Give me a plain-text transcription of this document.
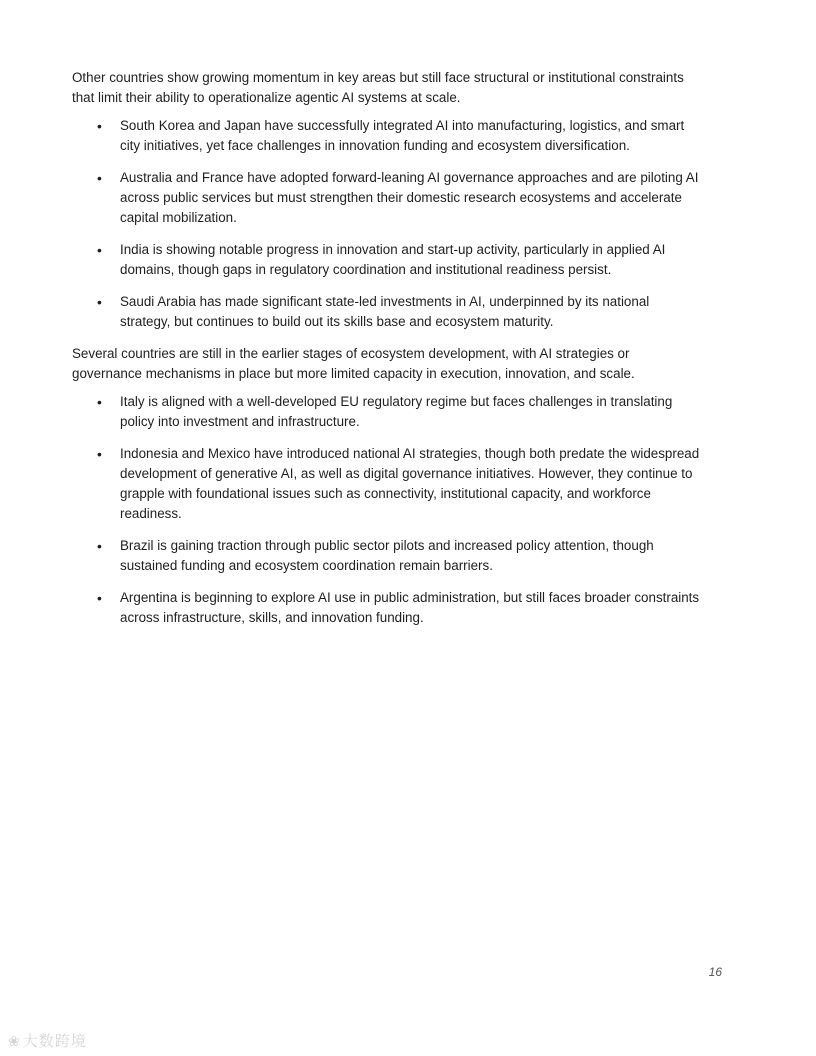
Other countries show growing momentum in key areas but still face structural or institutional constraints that limit their ability to operationalize agentic AI systems at scale.

• South Korea and Japan have successfully integrated AI into manufacturing, logistics, and smart city initiatives, yet face challenges in innovation funding and ecosystem diversification.
• Australia and France have adopted forward-leaning AI governance approaches and are piloting AI across public services but must strengthen their domestic research ecosystems and accelerate capital mobilization.
• India is showing notable progress in innovation and start-up activity, particularly in applied AI domains, though gaps in regulatory coordination and institutional readiness persist.
• Saudi Arabia has made significant state-led investments in AI, underpinned by its national strategy, but continues to build out its skills base and ecosystem maturity.

Several countries are still in the earlier stages of ecosystem development, with AI strategies or governance mechanisms in place but more limited capacity in execution, innovation, and scale.

• Italy is aligned with a well-developed EU regulatory regime but faces challenges in translating policy into investment and infrastructure.
• Indonesia and Mexico have introduced national AI strategies, though both predate the widespread development of generative AI, as well as digital governance initiatives. However, they continue to grapple with foundational issues such as connectivity, institutional capacity, and workforce readiness.
• Brazil is gaining traction through public sector pilots and increased policy attention, though sustained funding and ecosystem coordination remain barriers.
• Argentina is beginning to explore AI use in public administration, but still faces broader constraints across infrastructure, skills, and innovation funding.
16
❀ 大数跨境
